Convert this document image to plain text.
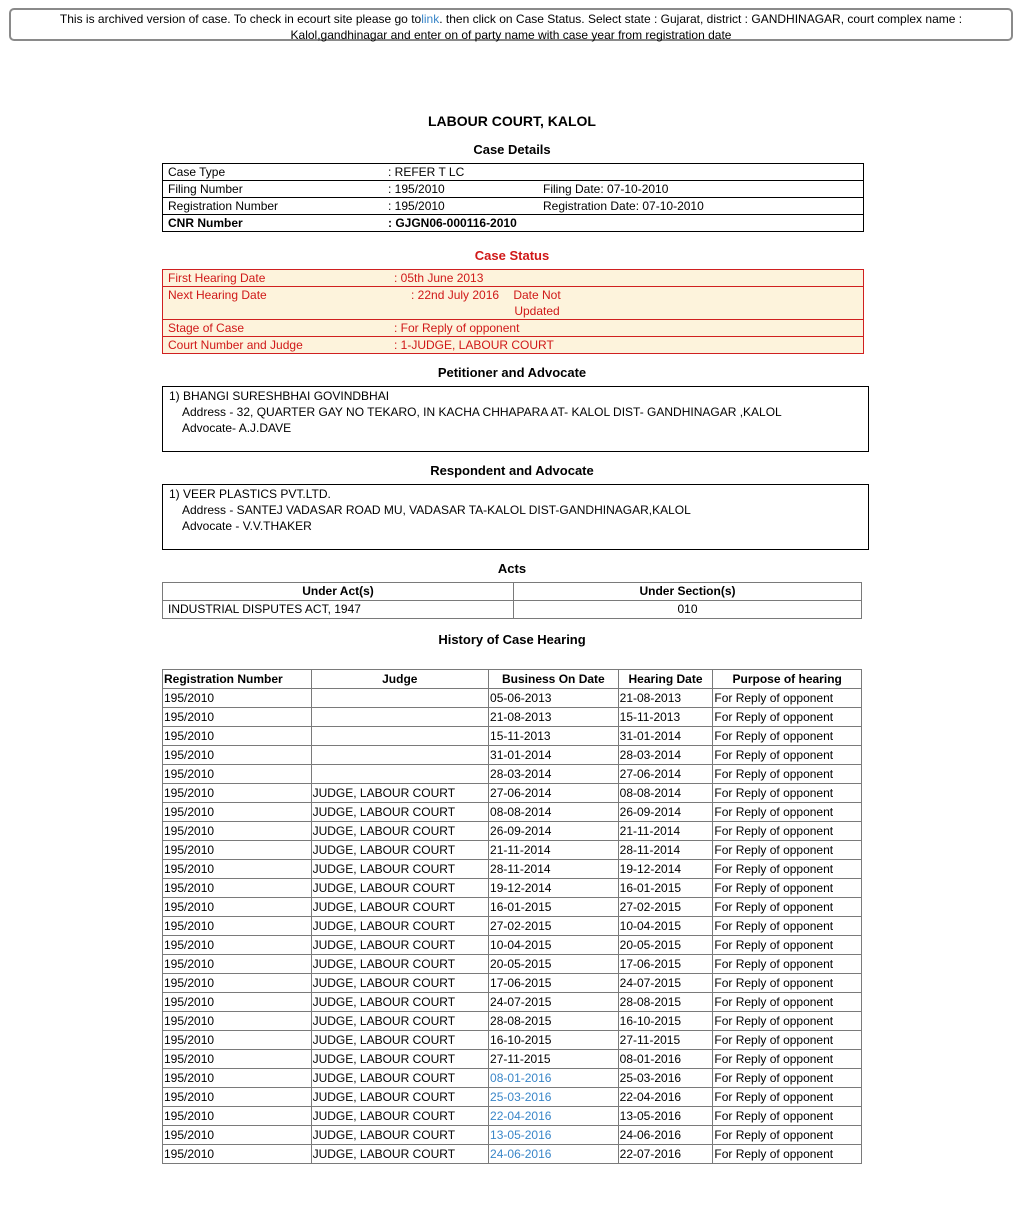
This is archived version of case. To check in ecourt site please go tolink. then click on Case Status. Select state : Gujarat, district : GANDHINAGAR, court complex name : Kalol,gandhinagar and enter on of party name with case year from registration date
LABOUR COURT, KALOL
Case Details
Case Type	: REFER T LC	
Filing Number	: 195/2010	Filing Date: 07-10-2010
Registration Number	: 195/2010	Registration Date: 07-10-2010
CNR Number	: GJGN06-000116-2010	
Case Status
First Hearing Date	: 05th June 2013
Next Hearing Date	: 22nd July 2016 Date Not Updated
Stage of Case	: For Reply of opponent
Court Number and Judge	: 1-JUDGE, LABOUR COURT
Petitioner and Advocate
1) BHANGI SURESHBHAI GOVINDBHAI
Address - 32, QUARTER GAY NO TEKARO, IN KACHA CHHAPARA AT- KALOL DIST- GANDHINAGAR ,KALOL
Advocate- A.J.DAVE
Respondent and Advocate
1) VEER PLASTICS PVT.LTD.
Address - SANTEJ VADASAR ROAD MU, VADASAR TA-KALOL DIST-GANDHINAGAR,KALOL
Advocate - V.V.THAKER
Acts
Under Act(s)	Under Section(s)
INDUSTRIAL DISPUTES ACT, 1947	010
History of Case Hearing
Registration Number	Judge	Business On Date	Hearing Date	Purpose of hearing
195/2010		05-06-2013	21-08-2013	For Reply of opponent
195/2010		21-08-2013	15-11-2013	For Reply of opponent
195/2010		15-11-2013	31-01-2014	For Reply of opponent
195/2010		31-01-2014	28-03-2014	For Reply of opponent
195/2010		28-03-2014	27-06-2014	For Reply of opponent
195/2010	JUDGE, LABOUR COURT	27-06-2014	08-08-2014	For Reply of opponent
195/2010	JUDGE, LABOUR COURT	08-08-2014	26-09-2014	For Reply of opponent
195/2010	JUDGE, LABOUR COURT	26-09-2014	21-11-2014	For Reply of opponent
195/2010	JUDGE, LABOUR COURT	21-11-2014	28-11-2014	For Reply of opponent
195/2010	JUDGE, LABOUR COURT	28-11-2014	19-12-2014	For Reply of opponent
195/2010	JUDGE, LABOUR COURT	19-12-2014	16-01-2015	For Reply of opponent
195/2010	JUDGE, LABOUR COURT	16-01-2015	27-02-2015	For Reply of opponent
195/2010	JUDGE, LABOUR COURT	27-02-2015	10-04-2015	For Reply of opponent
195/2010	JUDGE, LABOUR COURT	10-04-2015	20-05-2015	For Reply of opponent
195/2010	JUDGE, LABOUR COURT	20-05-2015	17-06-2015	For Reply of opponent
195/2010	JUDGE, LABOUR COURT	17-06-2015	24-07-2015	For Reply of opponent
195/2010	JUDGE, LABOUR COURT	24-07-2015	28-08-2015	For Reply of opponent
195/2010	JUDGE, LABOUR COURT	28-08-2015	16-10-2015	For Reply of opponent
195/2010	JUDGE, LABOUR COURT	16-10-2015	27-11-2015	For Reply of opponent
195/2010	JUDGE, LABOUR COURT	27-11-2015	08-01-2016	For Reply of opponent
195/2010	JUDGE, LABOUR COURT	08-01-2016	25-03-2016	For Reply of opponent
195/2010	JUDGE, LABOUR COURT	25-03-2016	22-04-2016	For Reply of opponent
195/2010	JUDGE, LABOUR COURT	22-04-2016	13-05-2016	For Reply of opponent
195/2010	JUDGE, LABOUR COURT	13-05-2016	24-06-2016	For Reply of opponent
195/2010	JUDGE, LABOUR COURT	24-06-2016	22-07-2016	For Reply of opponent
